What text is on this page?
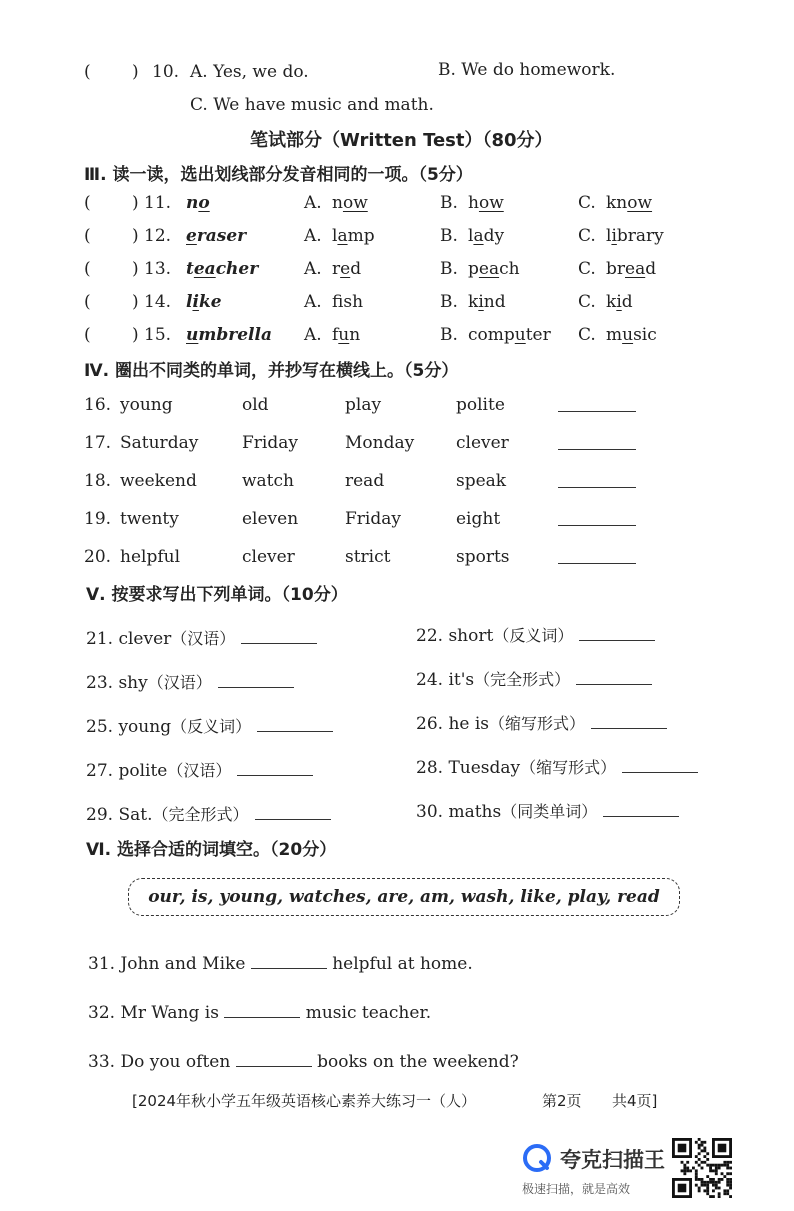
( ) 10. A. Yes, we do.	B. We do homework.
C. We have music and math.
笔试部分（Written Test）（80分）
Ⅲ. 读一读，选出划线部分发音相同的一项。（5分）
( ) 11. no	A. now	B. how	C. know
( ) 12. eraser	A. lamp	B. lady	C. library
( ) 13. teacher	A. red	B. peach	C. bread
( ) 14. like	A. fsh	B. kind	C. kid
( ) 15. umbrella A. fun	B. computer C. music
Ⅳ. 圈出不同类的单词，并抄写在横线上。（5分）
16. young	old	play	polite
17. Saturday	Friday	Monday clever
18. weekend	watch	read	speak
19. twenty	eleven	Friday	eight
20. helpful	clever	strict	sports
Ⅴ. 按要求写出下列单词。（10分）
21. clever（汉语）	22. short（反义词）
23. shy（汉语）	24. it's（完全形式）
25. young（反义词）	26. he is（缩写形式）
27. polite（汉语）	28. Tuesday（缩写形式）
29. Sat.（完全形式）	30. maths（同类单词）
Ⅵ. 选择合适的词填空。（20分）
our, is, young, watches, are, am, wash, like, play, read
31. John and Mike	helpful at home.
32. Mr Wang is	music teacher.
33. Do you often	books on the weekend?
[2024年秋小学五年级英语核心素养大练习一（人）	第2页 共4页]
夸克扫描王
极速扫描，就是高效
